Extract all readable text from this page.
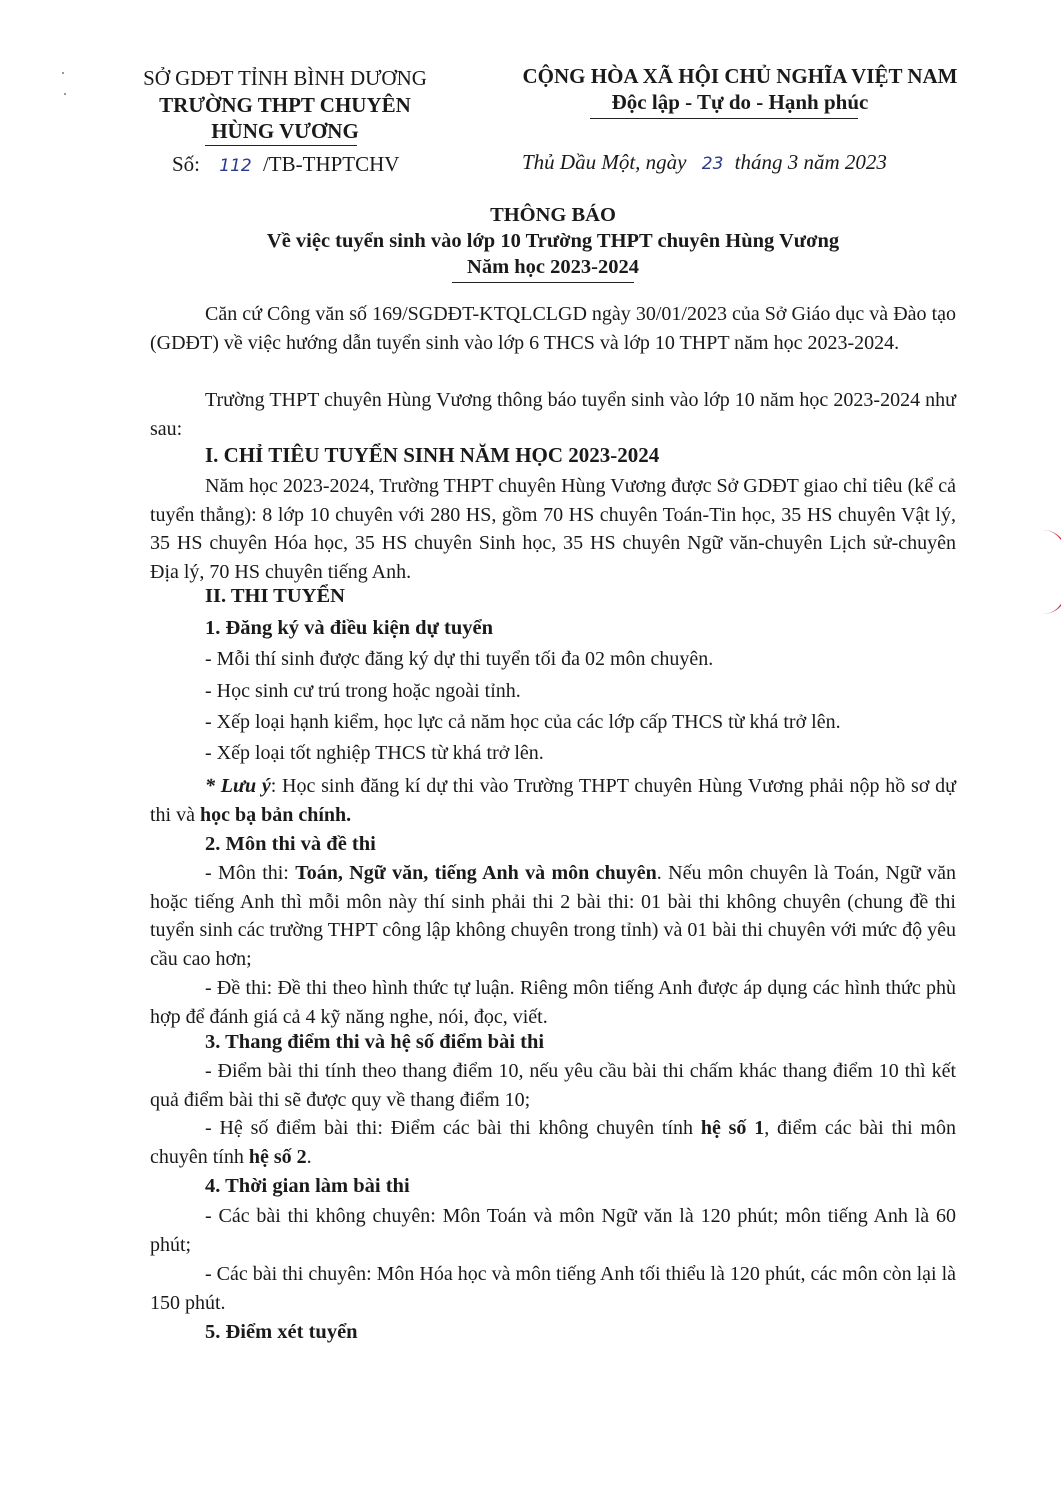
SỞ GDĐT TỈNH BÌNH DƯƠNG
TRƯỜNG THPT CHUYÊN
HÙNG VƯƠNG
Số: 112 /TB-THPTCHV
CỘNG HÒA XÃ HỘI CHỦ NGHĨA VIỆT NAM
Độc lập - Tự do - Hạnh phúc
Thủ Dầu Một, ngày 23 tháng 3 năm 2023
THÔNG BÁO
Về việc tuyển sinh vào lớp 10 Trường THPT chuyên Hùng Vương
Năm học 2023-2024
Căn cứ Công văn số 169/SGDĐT-KTQLCLGD ngày 30/01/2023 của Sở Giáo dục và Đào tạo (GDĐT) về việc hướng dẫn tuyển sinh vào lớp 6 THCS và lớp 10 THPT năm học 2023-2024.
Trường THPT chuyên Hùng Vương thông báo tuyển sinh vào lớp 10 năm học 2023-2024 như sau:
I. CHỈ TIÊU TUYỂN SINH NĂM HỌC 2023-2024
Năm học 2023-2024, Trường THPT chuyên Hùng Vương được Sở GDĐT giao chỉ tiêu (kể cả tuyển thẳng): 8 lớp 10 chuyên với 280 HS, gồm 70 HS chuyên Toán-Tin học, 35 HS chuyên Vật lý, 35 HS chuyên Hóa học, 35 HS chuyên Sinh học, 35 HS chuyên Ngữ văn-chuyên Lịch sử-chuyên Địa lý, 70 HS chuyên tiếng Anh.
II. THI TUYỂN
1. Đăng ký và điều kiện dự tuyển
- Mỗi thí sinh được đăng ký dự thi tuyển tối đa 02 môn chuyên.
- Học sinh cư trú trong hoặc ngoài tỉnh.
- Xếp loại hạnh kiểm, học lực cả năm học của các lớp cấp THCS từ khá trở lên.
- Xếp loại tốt nghiệp THCS từ khá trở lên.
* Lưu ý: Học sinh đăng kí dự thi vào Trường THPT chuyên Hùng Vương phải nộp hồ sơ dự thi và học bạ bản chính.
2. Môn thi và đề thi
- Môn thi: Toán, Ngữ văn, tiếng Anh và môn chuyên. Nếu môn chuyên là Toán, Ngữ văn hoặc tiếng Anh thì mỗi môn này thí sinh phải thi 2 bài thi: 01 bài thi không chuyên (chung đề thi tuyển sinh các trường THPT công lập không chuyên trong tỉnh) và 01 bài thi chuyên với mức độ yêu cầu cao hơn;
- Đề thi: Đề thi theo hình thức tự luận. Riêng môn tiếng Anh được áp dụng các hình thức phù hợp để đánh giá cả 4 kỹ năng nghe, nói, đọc, viết.
3. Thang điểm thi và hệ số điểm bài thi
- Điểm bài thi tính theo thang điểm 10, nếu yêu cầu bài thi chấm khác thang điểm 10 thì kết quả điểm bài thi sẽ được quy về thang điểm 10;
- Hệ số điểm bài thi: Điểm các bài thi không chuyên tính hệ số 1, điểm các bài thi môn chuyên tính hệ số 2.
4. Thời gian làm bài thi
- Các bài thi không chuyên: Môn Toán và môn Ngữ văn là 120 phút; môn tiếng Anh là 60 phút;
- Các bài thi chuyên: Môn Hóa học và môn tiếng Anh tối thiểu là 120 phút, các môn còn lại là 150 phút.
5. Điểm xét tuyển
